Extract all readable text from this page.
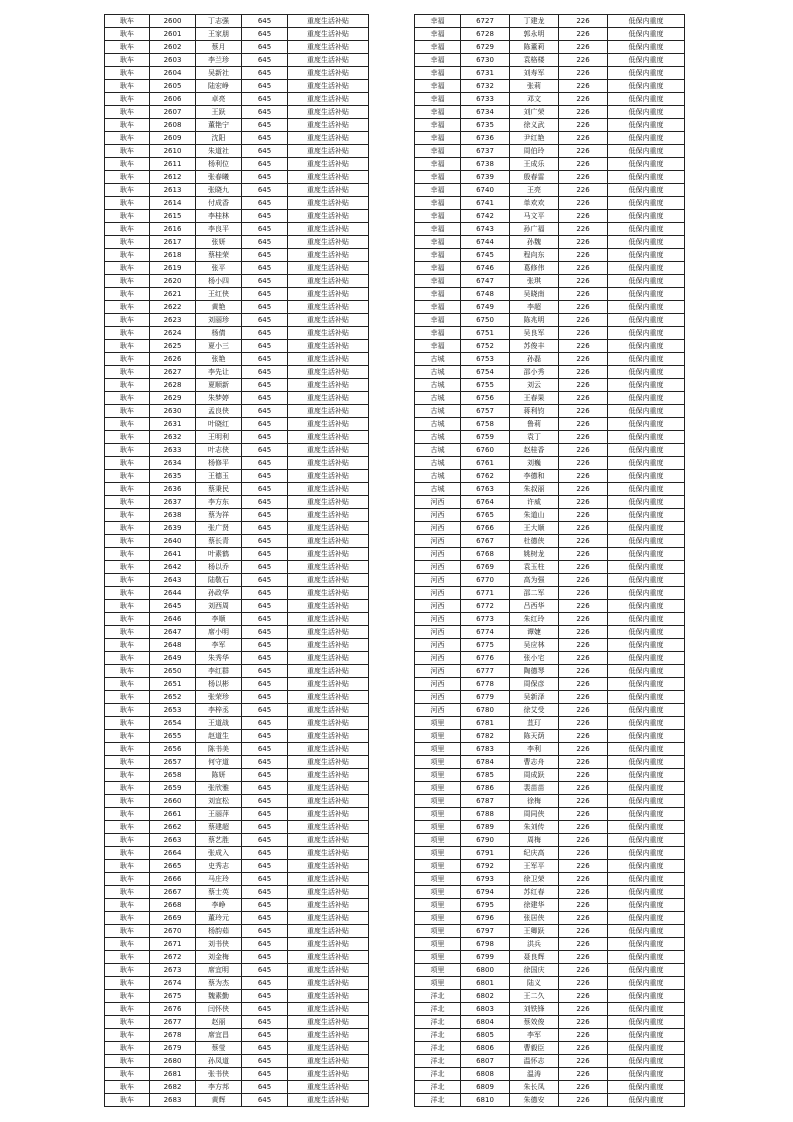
耿车	2600	丁志强	645	重度生活补贴
耿车	2601	王家朋	645	重度生活补贴
耿车	2602	蔡月	645	重度生活补贴
耿车	2603	李兰珍	645	重度生活补贴
耿车	2604	吴新社	645	重度生活补贴
耿车	2605	陆宏峥	645	重度生活补贴
耿车	2606	卓亮	645	重度生活补贴
耿车	2607	王跃	645	重度生活补贴
耿车	2608	董艳宁	645	重度生活补贴
耿车	2609	沈阳	645	重度生活补贴
耿车	2610	朱道社	645	重度生活补贴
耿车	2611	杨利位	645	重度生活补贴
耿车	2612	张春曦	645	重度生活补贴
耿车	2613	张晓九	645	重度生活补贴
耿车	2614	付成香	645	重度生活补贴
耿车	2615	李桂林	645	重度生活补贴
耿车	2616	李良平	645	重度生活补贴
耿车	2617	张妍	645	重度生活补贴
耿车	2618	蔡桂荣	645	重度生活补贴
耿车	2619	张平	645	重度生活补贴
耿车	2620	杨小四	645	重度生活补贴
耿车	2621	王红侠	645	重度生活补贴
耿车	2622	黄艳	645	重度生活补贴
耿车	2623	刘丽珍	645	重度生活补贴
耿车	2624	杨倩	645	重度生活补贴
耿车	2625	夏小三	645	重度生活补贴
耿车	2626	张艳	645	重度生活补贴
耿车	2627	李先让	645	重度生活补贴
耿车	2628	夏顺新	645	重度生活补贴
耿车	2629	朱梦婷	645	重度生活补贴
耿车	2630	孟良侠	645	重度生活补贴
耿车	2631	叶晓红	645	重度生活补贴
耿车	2632	王明利	645	重度生活补贴
耿车	2633	叶志侠	645	重度生活补贴
耿车	2634	杨修平	645	重度生活补贴
耿车	2635	王德玉	645	重度生活补贴
耿车	2636	蔡秉民	645	重度生活补贴
耿车	2637	李方东	645	重度生活补贴
耿车	2638	蔡为祥	645	重度生活补贴
耿车	2639	张广贤	645	重度生活补贴
耿车	2640	蔡长青	645	重度生活补贴
耿车	2641	叶素鹤	645	重度生活补贴
耿车	2642	杨以乔	645	重度生活补贴
耿车	2643	陆敬石	645	重度生活补贴
耿车	2644	孙政华	645	重度生活补贴
耿车	2645	刘西周	645	重度生活补贴
耿车	2646	李顺	645	重度生活补贴
耿车	2647	席小明	645	重度生活补贴
耿车	2648	李军	645	重度生活补贴
耿车	2649	朱秀华	645	重度生活补贴
耿车	2650	李红群	645	重度生活补贴
耿车	2651	杨以彬	645	重度生活补贴
耿车	2652	张荣珍	645	重度生活补贴
耿车	2653	李梓丞	645	重度生活补贴
耿车	2654	王道战	645	重度生活补贴
耿车	2655	赵道生	645	重度生活补贴
耿车	2656	陈书美	645	重度生活补贴
耿车	2657	何守道	645	重度生活补贴
耿车	2658	陈妍	645	重度生活补贴
耿车	2659	张欣雅	645	重度生活补贴
耿车	2660	刘宜松	645	重度生活补贴
耿车	2661	王丽萍	645	重度生活补贴
耿车	2662	蔡建超	645	重度生活补贴
耿车	2663	蔡艺胜	645	重度生活补贴
耿车	2664	张成入	645	重度生活补贴
耿车	2665	史秀志	645	重度生活补贴
耿车	2666	马庄玲	645	重度生活补贴
耿车	2667	蔡士英	645	重度生活补贴
耿车	2668	李峥	645	重度生活补贴
耿车	2669	董玲元	645	重度生活补贴
耿车	2670	杨韵茹	645	重度生活补贴
耿车	2671	刘书侠	645	重度生活补贴
耿车	2672	刘金梅	645	重度生活补贴
耿车	2673	席宜明	645	重度生活补贴
耿车	2674	蔡为杰	645	重度生活补贴
耿车	2675	魏素勤	645	重度生活补贴
耿车	2676	闫怀侠	645	重度生活补贴
耿车	2677	赵丽	645	重度生活补贴
耿车	2678	席宜昌	645	重度生活补贴
耿车	2679	蔡莹	645	重度生活补贴
耿车	2680	孙凤道	645	重度生活补贴
耿车	2681	张书侠	645	重度生活补贴
耿车	2682	李方邦	645	重度生活补贴
耿车	2683	黄辉	645	重度生活补贴
幸福	6727	丁建龙	226	低保内重度
幸福	6728	郭永明	226	低保内重度
幸福	6729	陈董莉	226	低保内重度
幸福	6730	袁格楼	226	低保内重度
幸福	6731	刘寿军	226	低保内重度
幸福	6732	张莉	226	低保内重度
幸福	6733	邓文	226	低保内重度
幸福	6734	刘广荣	226	低保内重度
幸福	6735	徐义武	226	低保内重度
幸福	6736	尹红艳	226	低保内重度
幸福	6737	周伯玲	226	低保内重度
幸福	6738	王成乐	226	低保内重度
幸福	6739	殷春雷	226	低保内重度
幸福	6740	王亮	226	低保内重度
幸福	6741	单欢欢	226	低保内重度
幸福	6742	马文平	226	低保内重度
幸福	6743	孙广福	226	低保内重度
幸福	6744	孙魏	226	低保内重度
幸福	6745	程向东	226	低保内重度
幸福	6746	葛修伟	226	低保内重度
幸福	6747	张琪	226	低保内重度
幸福	6748	吴晓南	226	低保内重度
幸福	6749	李超	226	低保内重度
幸福	6750	陈兆明	226	低保内重度
幸福	6751	吴良军	226	低保内重度
幸福	6752	苏俊丰	226	低保内重度
古城	6753	孙磊	226	低保内重度
古城	6754	邵小秀	226	低保内重度
古城	6755	刘云	226	低保内重度
古城	6756	王春果	226	低保内重度
古城	6757	蒋利钧	226	低保内重度
古城	6758	鲁莉	226	低保内重度
古城	6759	袁丁	226	低保内重度
古城	6760	赵桂香	226	低保内重度
古城	6761	刘巍	226	低保内重度
古城	6762	李德和	226	低保内重度
古城	6763	朱叔丽	226	低保内重度
河西	6764	许威	226	低保内重度
河西	6765	朱道山	226	低保内重度
河西	6766	王大顺	226	低保内重度
河西	6767	杜德侠	226	低保内重度
河西	6768	姚树龙	226	低保内重度
河西	6769	袁玉柱	226	低保内重度
河西	6770	高为强	226	低保内重度
河西	6771	邵二军	226	低保内重度
河西	6772	吕西华	226	低保内重度
河西	6773	朱红玲	226	低保内重度
河西	6774	谭婕	226	低保内重度
河西	6775	吴应林	226	低保内重度
河西	6776	张小宅	226	低保内重度
河西	6777	陶德琴	226	低保内重度
河西	6778	周保彦	226	低保内重度
河西	6779	吴新泽	226	低保内重度
河西	6780	徐艾受	226	低保内重度
项里	6781	苴玎	226	低保内重度
项里	6782	陈天荫	226	低保内重度
项里	6783	李利	226	低保内重度
项里	6784	曹志舟	226	低保内重度
项里	6785	周成跃	226	低保内重度
项里	6786	裴苗苗	226	低保内重度
项里	6787	徐梅	226	低保内重度
项里	6788	周同侠	226	低保内重度
项里	6789	朱刘传	226	低保内重度
项里	6790	周梅	226	低保内重度
项里	6791	纪庆高	226	低保内重度
项里	6792	王军平	226	低保内重度
项里	6793	徐卫荣	226	低保内重度
项里	6794	苏红春	226	低保内重度
项里	6795	徐建华	226	低保内重度
项里	6796	张居侠	226	低保内重度
项里	6797	王卿跃	226	低保内重度
项里	6798	洪兵	226	低保内重度
项里	6799	聂良辉	226	低保内重度
项里	6800	徐国庆	226	低保内重度
项里	6801	陆义	226	低保内重度
洋北	6802	王二久	226	低保内重度
洋北	6803	刘铁锋	226	低保内重度
洋北	6804	蔡效俊	226	低保内重度
洋北	6805	李军	226	低保内重度
洋北	6806	曹毅臣	226	低保内重度
洋北	6807	温怀志	226	低保内重度
洋北	6808	温涛	226	低保内重度
洋北	6809	朱长凤	226	低保内重度
洋北	6810	朱德安	226	低保内重度
